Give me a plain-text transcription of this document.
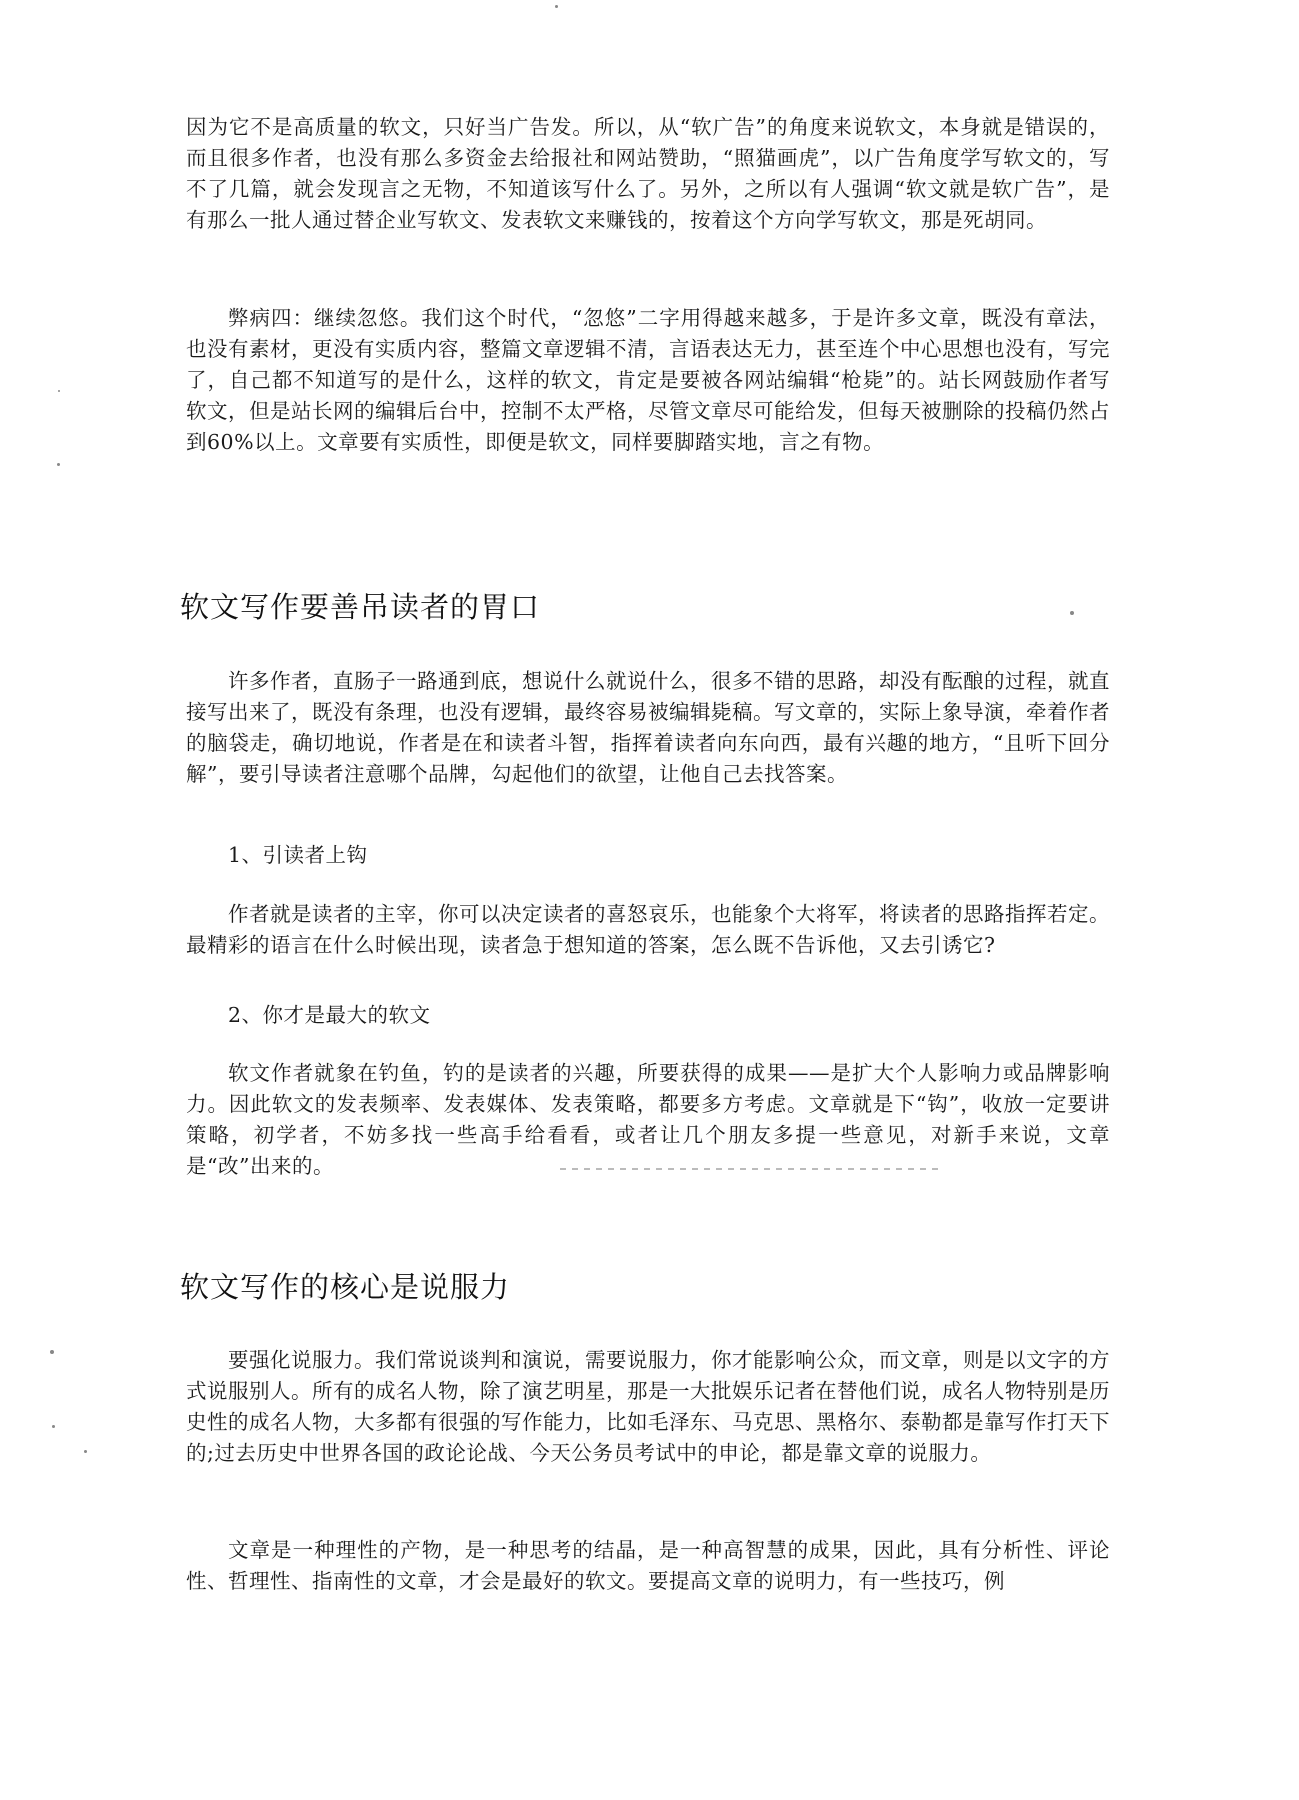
因为它不是高质量的软文，只好当广告发。所以，从“软广告”的角度来说软文，本身就是错误的，而且很多作者，也没有那么多资金去给报社和网站赞助，“照猫画虎”，以广告角度学写软文的，写不了几篇，就会发现言之无物，不知道该写什么了。另外，之所以有人强调“软文就是软广告”，是有那么一批人通过替企业写软文、发表软文来赚钱的，按着这个方向学写软文，那是死胡同。

弊病四：继续忽悠。我们这个时代，“忽悠”二字用得越来越多，于是许多文章，既没有章法，也没有素材，更没有实质内容，整篇文章逻辑不清，言语表达无力，甚至连个中心思想也没有，写完了，自己都不知道写的是什么，这样的软文，肯定是要被各网站编辑“枪毙”的。站长网鼓励作者写软文，但是站长网的编辑后台中，控制不太严格，尽管文章尽可能给发，但每天被删除的投稿仍然占到60%以上。文章要有实质性，即便是软文，同样要脚踏实地，言之有物。

软文写作要善吊读者的胃口

许多作者，直肠子一路通到底，想说什么就说什么，很多不错的思路，却没有酝酿的过程，就直接写出来了，既没有条理，也没有逻辑，最终容易被编辑毙稿。写文章的，实际上象导演，牵着作者的脑袋走，确切地说，作者是在和读者斗智，指挥着读者向东向西，最有兴趣的地方，“且听下回分解”，要引导读者注意哪个品牌，勾起他们的欲望，让他自己去找答案。

1、引读者上钩

作者就是读者的主宰，你可以决定读者的喜怒哀乐，也能象个大将军，将读者的思路指挥若定。最精彩的语言在什么时候出现，读者急于想知道的答案，怎么既不告诉他，又去引诱它?

2、你才是最大的软文

软文作者就象在钓鱼，钓的是读者的兴趣，所要获得的成果——是扩大个人影响力或品牌影响力。因此软文的发表频率、发表媒体、发表策略，都要多方考虑。文章就是下“钩”，收放一定要讲策略，初学者，不妨多找一些高手给看看，或者让几个朋友多提一些意见，对新手来说，文章是“改”出来的。

软文写作的核心是说服力

要强化说服力。我们常说谈判和演说，需要说服力，你才能影响公众，而文章，则是以文字的方式说服别人。所有的成名人物，除了演艺明星，那是一大批娱乐记者在替他们说，成名人物特别是历史性的成名人物，大多都有很强的写作能力，比如毛泽东、马克思、黑格尔、泰勒都是靠写作打天下的;过去历史中世界各国的政论论战、今天公务员考试中的申论，都是靠文章的说服力。

文章是一种理性的产物，是一种思考的结晶，是一种高智慧的成果，因此，具有分析性、评论性、哲理性、指南性的文章，才会是最好的软文。要提高文章的说明力，有一些技巧，例
